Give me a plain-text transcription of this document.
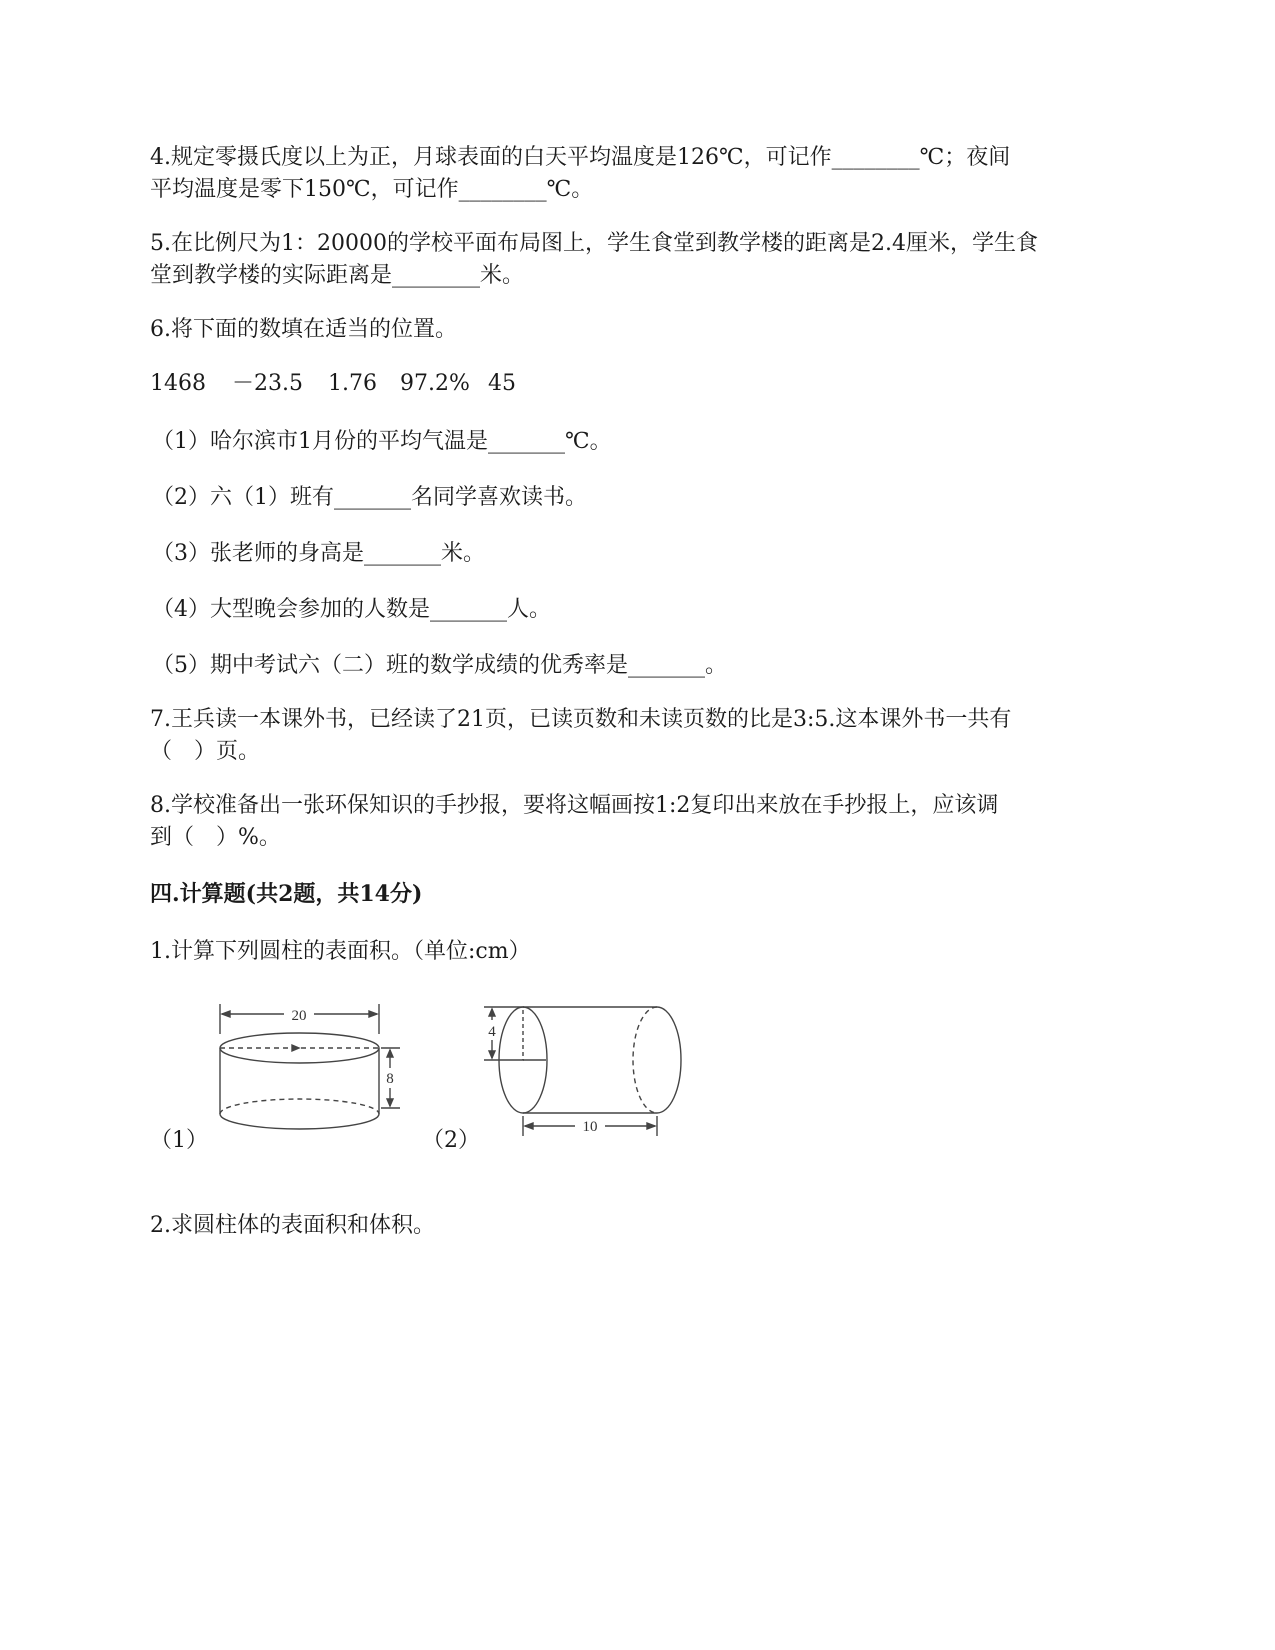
4.规定零摄氏度以上为正，月球表面的白天平均温度是126℃，可记作________℃；夜间
平均温度是零下150℃，可记作________℃。
5.在比例尺为1：20000的学校平面布局图上，学生食堂到教学楼的距离是2.4厘米，学生食
堂到教学楼的实际距离是________米。
6.将下面的数填在适当的位置。
1468 －23.5 1.76 97.2% 45
（1）哈尔滨市1月份的平均气温是_______℃。
（2）六（1）班有_______名同学喜欢读书。
（3）张老师的身高是_______米。
（4）大型晚会参加的人数是_______人。
（5）期中考试六（二）班的数学成绩的优秀率是_______。
7.王兵读一本课外书，已经读了21页，已读页数和未读页数的比是3:5.这本课外书一共有
（　）页。
8.学校准备出一张环保知识的手抄报，要将这幅画按1:2复印出来放在手抄报上，应该调
到（　）%。
四.计算题(共2题，共14分)
1.计算下列圆柱的表面积。（单位:cm）
20
8
（1）
4
10
（2）
2.求圆柱体的表面积和体积。
